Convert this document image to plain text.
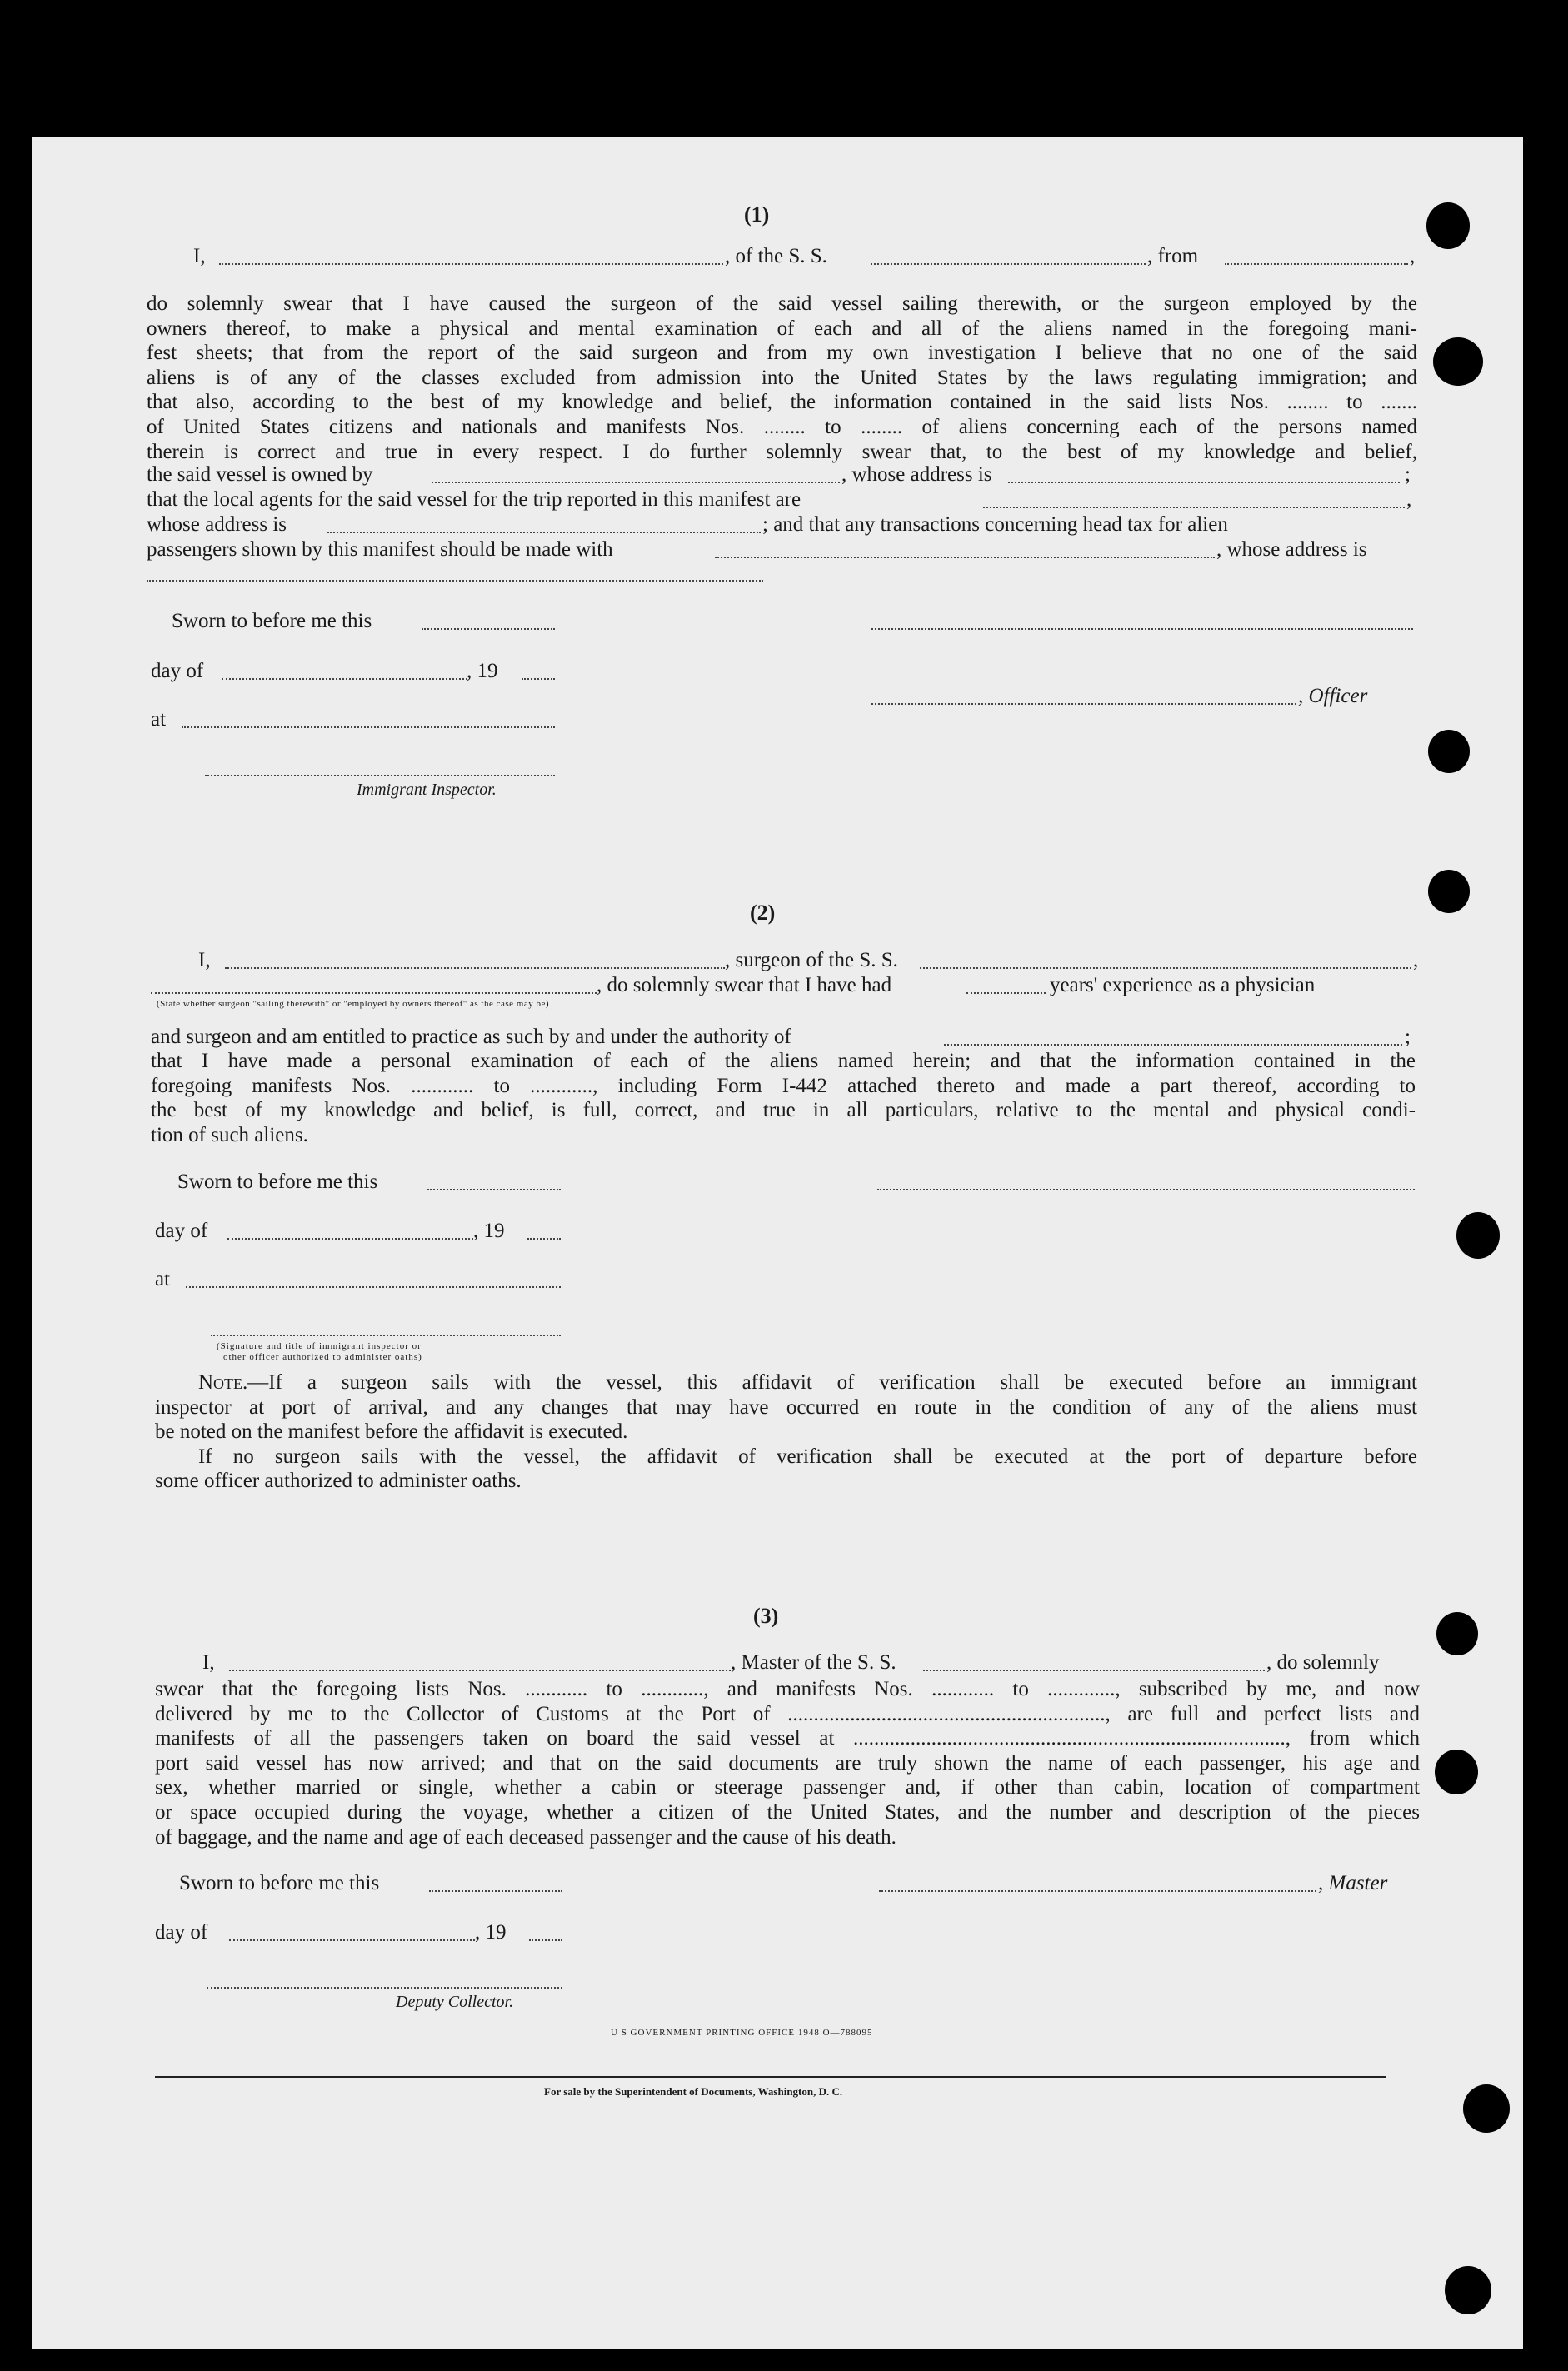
(1)
I,	, of the S. S.	, from	,
do solemnly swear that I have caused the surgeon of the said vessel sailing therewith, or the surgeon employed by the
owners thereof, to make a physical and mental examination of each and all of the aliens named in the foregoing mani-
fest sheets; that from the report of the said surgeon and from my own investigation I believe that no one of the said
aliens is of any of the classes excluded from admission into the United States by the laws regulating immigration; and
that also, according to the best of my knowledge and belief, the information contained in the said lists Nos. ........ to .......
of United States citizens and nationals and manifests Nos. ........ to ........ of aliens concerning each of the persons named
therein is correct and true in every respect. I do further solemnly swear that, to the best of my knowledge and belief,
the said vessel is owned by	, whose address is	;
that the local agents for the said vessel for the trip reported in this manifest are	,
whose address is	; and that any transactions concerning head tax for alien
passengers shown by this manifest should be made with	, whose address is
Sworn to before me this
day of	, 19
at
, Officer
Immigrant Inspector.
(2)
I,	, surgeon of the S. S.	,
, do solemnly swear that I have had	years' experience as a physician
(State whether surgeon "sailing therewith" or "employed by owners thereof" as the case may be)
and surgeon and am entitled to practice as such by and under the authority of	;
that I have made a personal examination of each of the aliens named herein; and that the information contained in the
foregoing manifests Nos. ............ to ............, including Form I-442 attached thereto and made a part thereof, according to
the best of my knowledge and belief, is full, correct, and true in all particulars, relative to the mental and physical condi-
tion of such aliens.
Sworn to before me this
day of	, 19
at
(Signature and title of immigrant inspector or
other officer authorized to administer oaths)
Note.—If a surgeon sails with the vessel, this affidavit of verification shall be executed before an immigrant
inspector at port of arrival, and any changes that may have occurred en route in the condition of any of the aliens must
be noted on the manifest before the affidavit is executed.
If no surgeon sails with the vessel, the affidavit of verification shall be executed at the port of departure before
some officer authorized to administer oaths.
(3)
I,	, Master of the S. S.	, do solemnly
swear that the foregoing lists Nos. ............ to ............, and manifests Nos. ............ to ............., subscribed by me, and now
delivered by me to the Collector of Customs at the Port of ............................................................., are full and perfect lists and
manifests of all the passengers taken on board the said vessel at ..................................................................................., from which
port said vessel has now arrived; and that on the said documents are truly shown the name of each passenger, his age and
sex, whether married or single, whether a cabin or steerage passenger and, if other than cabin, location of compartment
or space occupied during the voyage, whether a citizen of the United States, and the number and description of the pieces
of baggage, and the name and age of each deceased passenger and the cause of his death.
Sworn to before me this	, Master
day of	, 19
Deputy Collector.
U S GOVERNMENT PRINTING OFFICE 1948 O—788095
For sale by the Superintendent of Documents, Washington, D. C.
